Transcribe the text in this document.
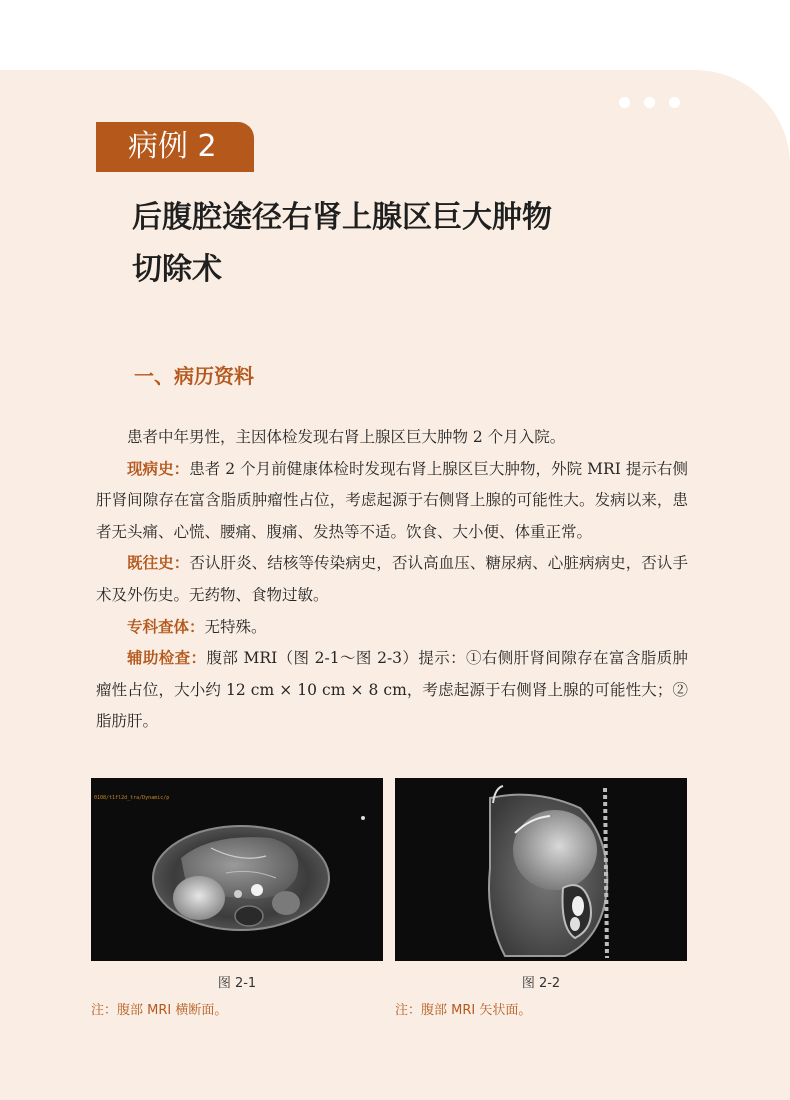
病例 2
后腹腔途径右肾上腺区巨大肿物
切除术
一、病历资料

患者中年男性，主因体检发现右肾上腺区巨大肿物 2 个月入院。

现病史：患者 2 个月前健康体检时发现右肾上腺区巨大肿物，外院 MRI 提示右侧肝肾间隙存在富含脂质肿瘤性占位，考虑起源于右侧肾上腺的可能性大。发病以来，患者无头痛、心慌、腰痛、腹痛、发热等不适。饮食、大小便、体重正常。

既往史：否认肝炎、结核等传染病史，否认高血压、糖尿病、心脏病病史，否认手术及外伤史。无药物、食物过敏。

专科查体：无特殊。

辅助检查：腹部 MRI（图 2-1～图 2-3）提示：①右侧肝肾间隙存在富含脂质肿瘤性占位，大小约 12 cm × 10 cm × 8 cm，考虑起源于右侧肾上腺的可能性大；②脂肪肝。

0108/t1fl2d_tra/Dynamic/p
图 2-1	图 2-2
注：腹部 MRI 横断面。	注：腹部 MRI 矢状面。
